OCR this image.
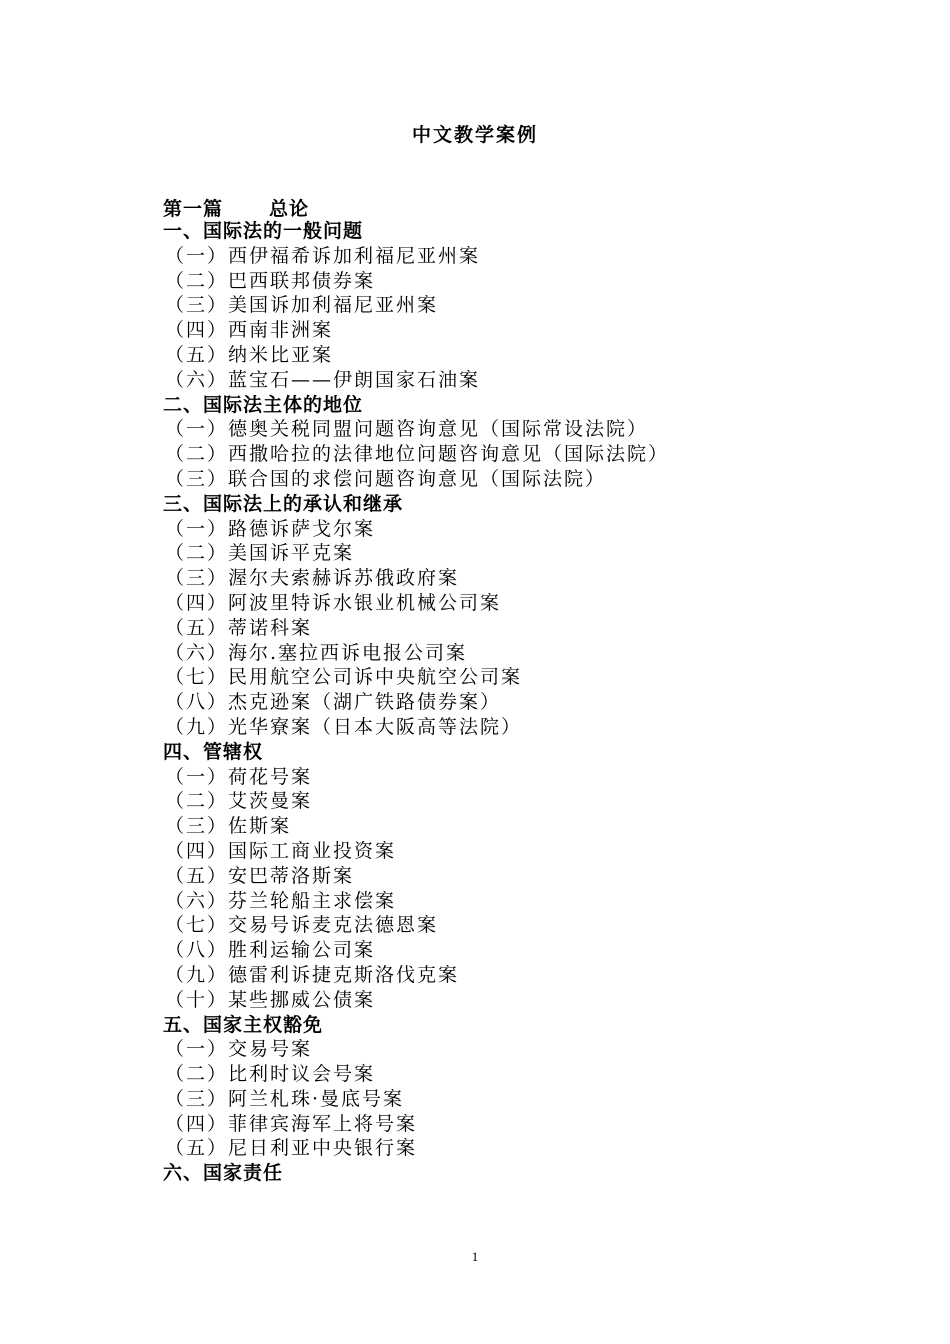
中文教学案例
第一篇 总论
一、国际法的一般问题
（一）西伊福希诉加利福尼亚州案
（二）巴西联邦债券案
（三）美国诉加利福尼亚州案
（四）西南非洲案
（五）纳米比亚案
（六）蓝宝石——伊朗国家石油案
二、国际法主体的地位
（一）德奥关税同盟问题咨询意见（国际常设法院）
（二）西撒哈拉的法律地位问题咨询意见（国际法院）
（三）联合国的求偿问题咨询意见（国际法院）
三、国际法上的承认和继承
（一）路德诉萨戈尔案
（二）美国诉平克案
（三）渥尔夫索赫诉苏俄政府案
（四）阿波里特诉水银业机械公司案
（五）蒂诺科案
（六）海尔.塞拉西诉电报公司案
（七）民用航空公司诉中央航空公司案
（八）杰克逊案（湖广铁路债券案）
（九）光华寮案（日本大阪高等法院）
四、管辖权
（一）荷花号案
（二）艾茨曼案
（三）佐斯案
（四）国际工商业投资案
（五）安巴蒂洛斯案
（六）芬兰轮船主求偿案
（七）交易号诉麦克法德恩案
（八）胜利运输公司案
（九）德雷利诉捷克斯洛伐克案
（十）某些挪威公债案
五、国家主权豁免
（一）交易号案
（二）比利时议会号案
（三）阿兰札珠·曼底号案
（四）菲律宾海军上将号案
（五）尼日利亚中央银行案
六、国家责任
1
